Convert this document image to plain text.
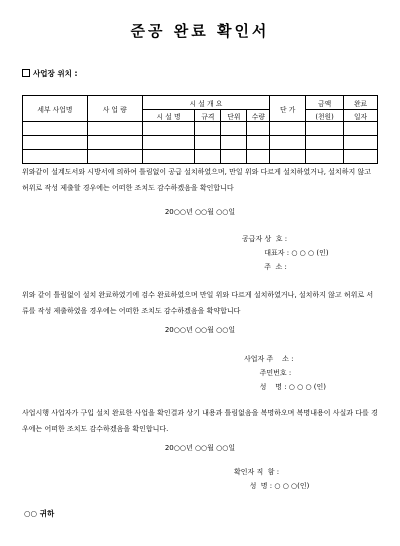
준공 완료 확인서
사업장 위치 :
세부 사업명	사 업 량	시 설 개 요				단 가	금액	완료
		시 설 명	규격	단위	수량		(천원)	일자

위와같이 설계도서와 시방서에 의하여 틀림없이 공급 설치하였으며, 만일 위와 다르게 설치하였거나, 설치하지 않고 허위로 작성 제출할 경우에는 어떠한 조치도 감수하겠음을 확인합니다
20○○년 ○○월 ○○일
공급자 상  호 :
대표자 : ○ ○ ○ (인)
주  소 :
위와 같이 틀림없이 설치 완료하였기에 검수 완료하였으며 만일 위와 다르게 설치하였거나, 설치하지 않고 허위로 서류를 작성 제출하였을 경우에는 어떠한 조치도 감수하겠음을 확약합니다
20○○년 ○○월 ○○일
사업자 주    소 :
주민번호 :
성    명 : ○ ○ ○ (인)
사업시행 사업자가 구입 설치 완료한 사업을 확인결과 상기 내용과 틀림없음을 복명하오며 복명내용이 사실과 다를 경우에는 어떠한 조치도 감수하겠음을 확인합니다.
20○○년 ○○월 ○○일
확인자 직  함 :
성  명 : ○ ○ ○(인)
○○ 귀하
